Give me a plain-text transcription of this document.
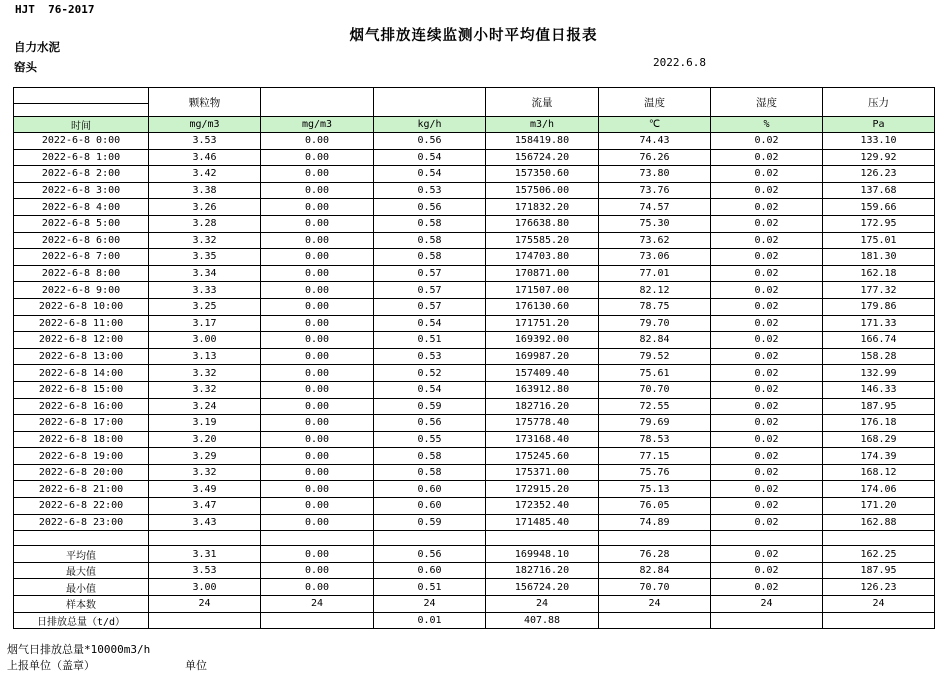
HJT  76-2017
烟气排放连续监测小时平均值日报表
自力水泥
窑头	2022.6.8
	颗粒物			流量	温度	湿度	压力

时间	mg/m3	mg/m3	kg/h	m3/h	℃	%	Pa
2022-6-8 0:00	3.53	0.00	0.56	158419.80	74.43	0.02	133.10
2022-6-8 1:00	3.46	0.00	0.54	156724.20	76.26	0.02	129.92
2022-6-8 2:00	3.42	0.00	0.54	157350.60	73.80	0.02	126.23
2022-6-8 3:00	3.38	0.00	0.53	157506.00	73.76	0.02	137.68
2022-6-8 4:00	3.26	0.00	0.56	171832.20	74.57	0.02	159.66
2022-6-8 5:00	3.28	0.00	0.58	176638.80	75.30	0.02	172.95
2022-6-8 6:00	3.32	0.00	0.58	175585.20	73.62	0.02	175.01
2022-6-8 7:00	3.35	0.00	0.58	174703.80	73.06	0.02	181.30
2022-6-8 8:00	3.34	0.00	0.57	170871.00	77.01	0.02	162.18
2022-6-8 9:00	3.33	0.00	0.57	171507.00	82.12	0.02	177.32
2022-6-8 10:00	3.25	0.00	0.57	176130.60	78.75	0.02	179.86
2022-6-8 11:00	3.17	0.00	0.54	171751.20	79.70	0.02	171.33
2022-6-8 12:00	3.00	0.00	0.51	169392.00	82.84	0.02	166.74
2022-6-8 13:00	3.13	0.00	0.53	169987.20	79.52	0.02	158.28
2022-6-8 14:00	3.32	0.00	0.52	157409.40	75.61	0.02	132.99
2022-6-8 15:00	3.32	0.00	0.54	163912.80	70.70	0.02	146.33
2022-6-8 16:00	3.24	0.00	0.59	182716.20	72.55	0.02	187.95
2022-6-8 17:00	3.19	0.00	0.56	175778.40	79.69	0.02	176.18
2022-6-8 18:00	3.20	0.00	0.55	173168.40	78.53	0.02	168.29
2022-6-8 19:00	3.29	0.00	0.58	175245.60	77.15	0.02	174.39
2022-6-8 20:00	3.32	0.00	0.58	175371.00	75.76	0.02	168.12
2022-6-8 21:00	3.49	0.00	0.60	172915.20	75.13	0.02	174.06
2022-6-8 22:00	3.47	0.00	0.60	172352.40	76.05	0.02	171.20
2022-6-8 23:00	3.43	0.00	0.59	171485.40	74.89	0.02	162.88

平均值	3.31	0.00	0.56	169948.10	76.28	0.02	162.25
最大值	3.53	0.00	0.60	182716.20	82.84	0.02	187.95
最小值	3.00	0.00	0.51	156724.20	70.70	0.02	126.23
样本数	24	24	24	24	24	24	24
日排放总量（t/d）			0.01	407.88			
烟气日排放总量*10000m3/h
上报单位（盖章）	单位
